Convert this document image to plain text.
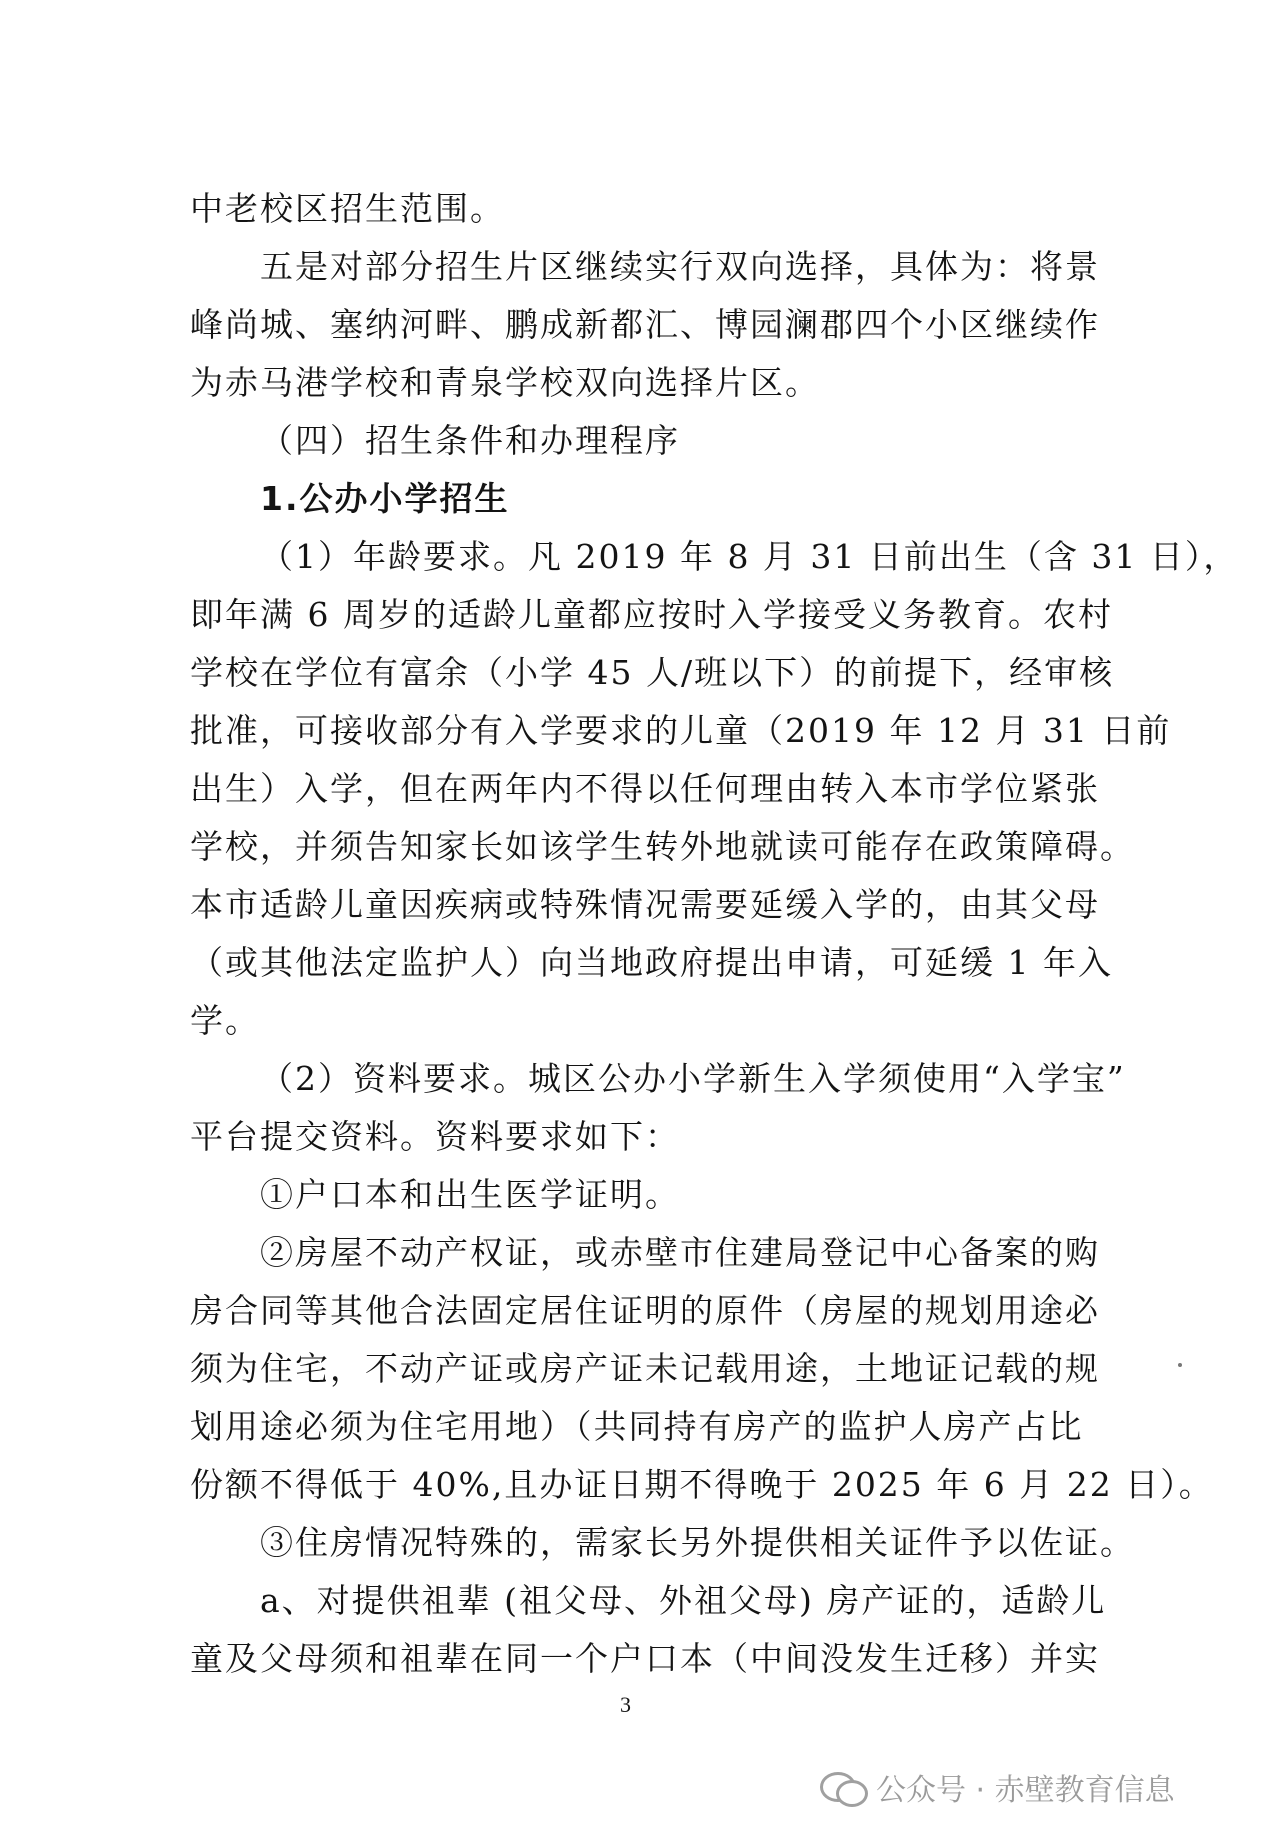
中老校区招生范围。

五是对部分招生片区继续实行双向选择，具体为：将景

峰尚城、塞纳河畔、鹏成新都汇、博园澜郡四个小区继续作

为赤马港学校和青泉学校双向选择片区。

（四）招生条件和办理程序

1.公办小学招生

（1）年龄要求。凡 2019 年 8 月 31 日前出生（含 31 日），

即年满 6 周岁的适龄儿童都应按时入学接受义务教育。农村

学校在学位有富余（小学 45 人/班以下）的前提下，经审核

批准，可接收部分有入学要求的儿童（2019 年 12 月 31 日前

出生）入学，但在两年内不得以任何理由转入本市学位紧张

学校，并须告知家长如该学生转外地就读可能存在政策障碍。

本市适龄儿童因疾病或特殊情况需要延缓入学的，由其父母

（或其他法定监护人）向当地政府提出申请，可延缓 1 年入

学。

（2）资料要求。城区公办小学新生入学须使用“入学宝”

平台提交资料。资料要求如下：

①户口本和出生医学证明。

②房屋不动产权证，或赤壁市住建局登记中心备案的购

房合同等其他合法固定居住证明的原件（房屋的规划用途必

须为住宅，不动产证或房产证未记载用途，土地证记载的规

划用途必须为住宅用地）（共同持有房产的监护人房产占比

份额不得低于 40%,且办证日期不得晚于 2025 年 6 月 22 日）。

③住房情况特殊的，需家长另外提供相关证件予以佐证。

a、对提供祖辈 (祖父母、外祖父母) 房产证的，适龄儿

童及父母须和祖辈在同一个户口本（中间没发生迁移）并实

3
公众号 · 赤壁教育信息
